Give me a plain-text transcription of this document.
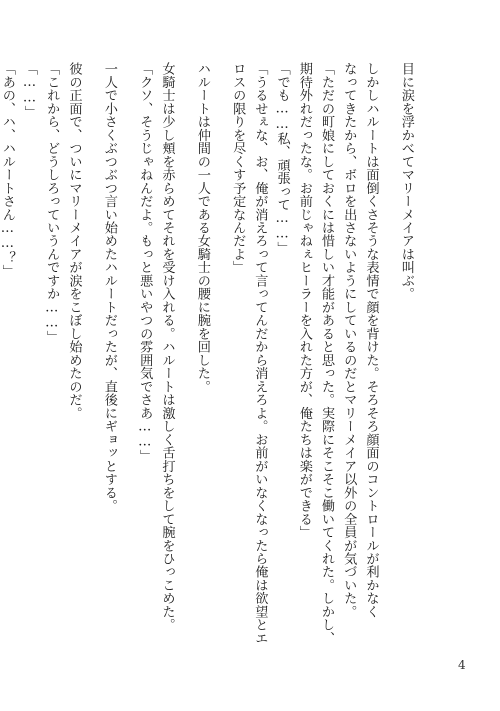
目に涙を浮かべてマリーメイアは叫ぶ。

しかしハルートは面倒くさそうな表情で顔を背けた。そろそろ顔面のコントロールが利かなく

なってきたから、ボロを出さないようにしているのだとマリーメイア以外の全員が気づいた。

「ただの町娘にしておくには惜しい才能があると思った。実際にそこそこ働いてくれた。しかし、

期待外れだったな。お前じゃねぇヒーラーを入れた方が、俺たちは楽ができる」

「でも……私、頑張って……」

「うるせぇな、お、俺が消えろって言ってんだから消えろよ。お前がいなくなったら俺は欲望とエ

ロスの限りを尽くす予定なんだよ」

ハルートは仲間の一人である女騎士の腰に腕を回した。

女騎士は少し頬を赤らめてそれを受け入れる。ハルートは激しく舌打ちをして腕をひっこめた。

「クソ、そうじゃねんだよ。もっと悪いやつの雰囲気でさあ……」

一人で小さくぶつぶつ言い始めたハルートだったが、直後にギョッとする。

彼の正面で、ついにマリーメイアが涙をこぼし始めたのだ。

「これから、どうしろっていうんですか……」

「……」

「あの、ハ、ハルートさん……？」

4
